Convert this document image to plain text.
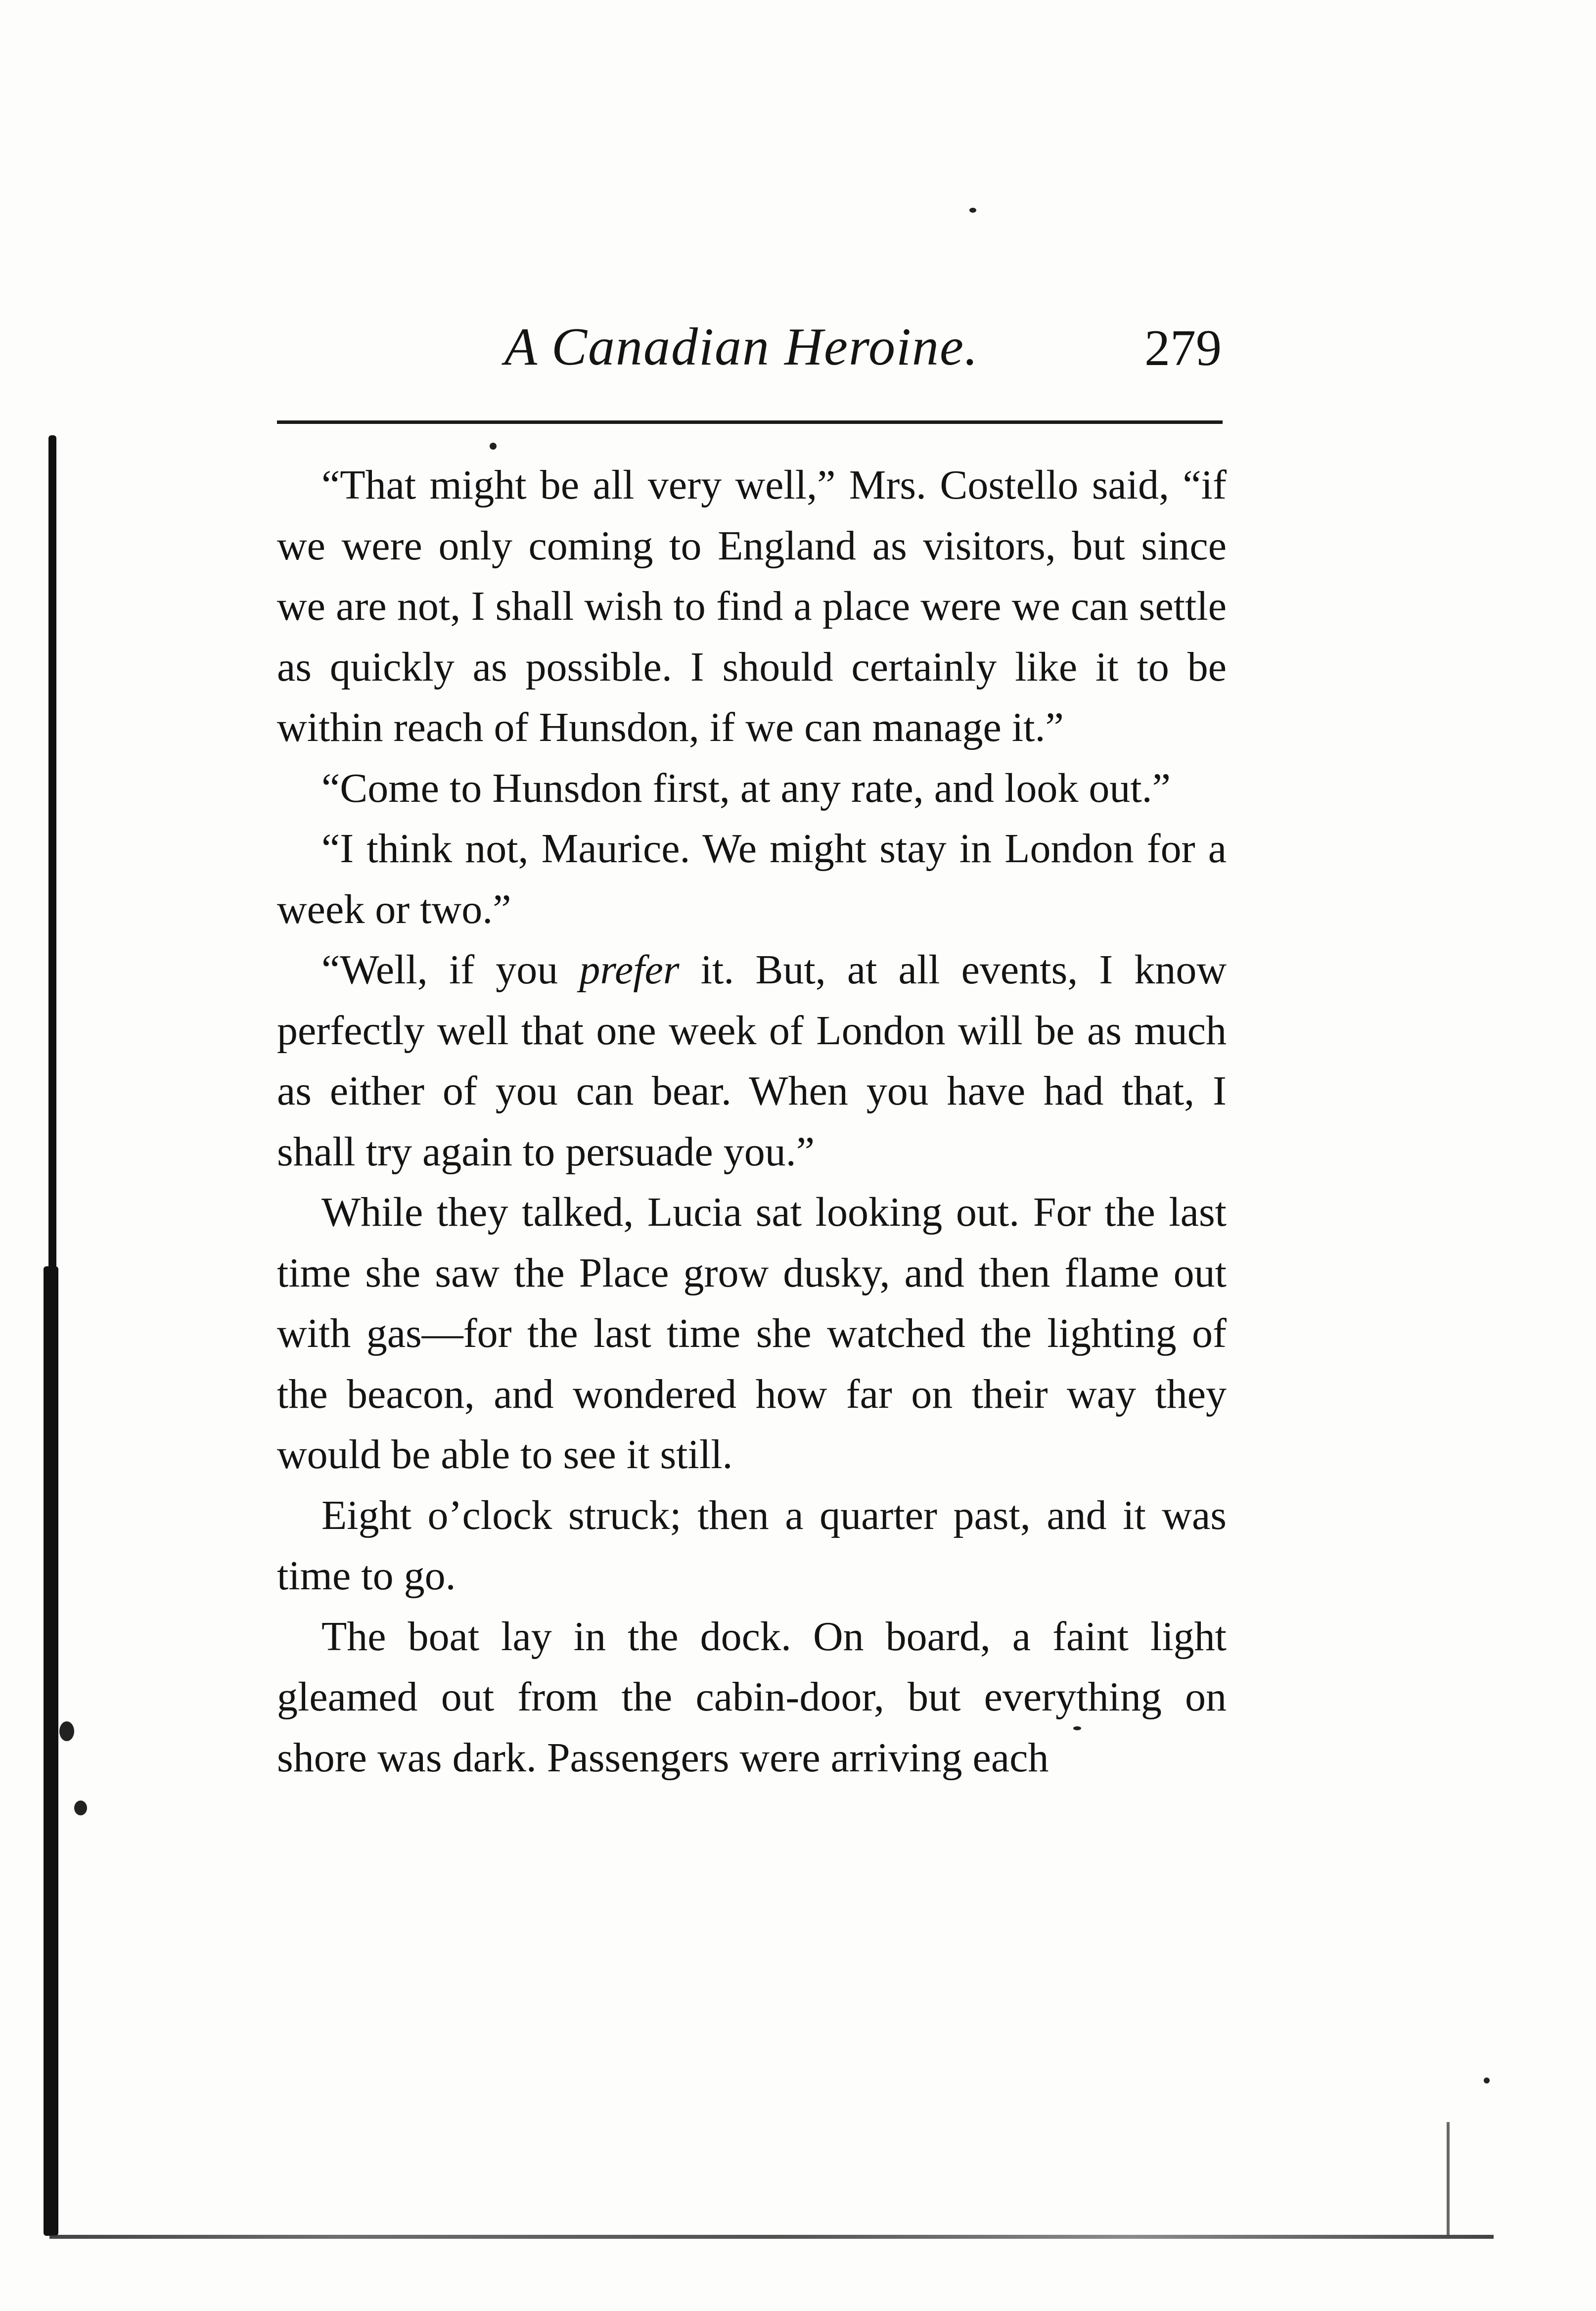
A Canadian Heroine.	279

“That might be all very well,” Mrs. Costello said, “if we were only coming to England as visitors, but since we are not, I shall wish to find a place were we can settle as quickly as possible. I should certainly like it to be within reach of Hunsdon, if we can manage it.”

“Come to Hunsdon first, at any rate, and look out.”

“I think not, Maurice. We might stay in London for a week or two.”

“Well, if you prefer it. But, at all events, I know perfectly well that one week of London will be as much as either of you can bear. When you have had that, I shall try again to persuade you.”

While they talked, Lucia sat looking out. For the last time she saw the Place grow dusky, and then flame out with gas—for the last time she watched the lighting of the beacon, and wondered how far on their way they would be able to see it still.

Eight o’clock struck; then a quarter past, and it was time to go.

The boat lay in the dock. On board, a faint light gleamed out from the cabin-door, but everything on shore was dark. Passengers were arriving each
